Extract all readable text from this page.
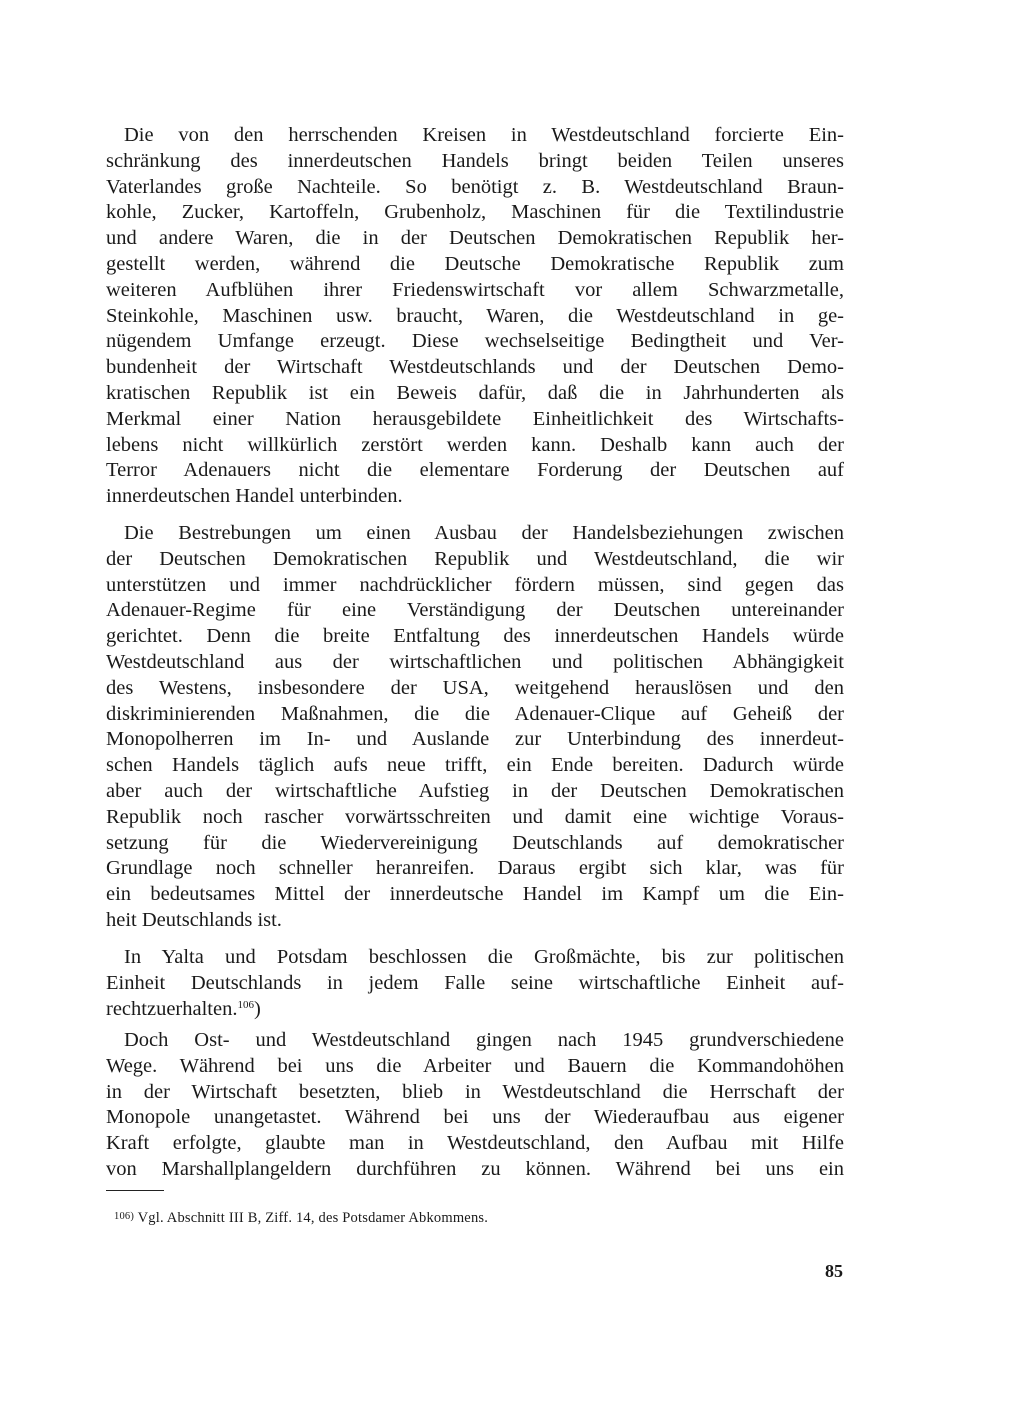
Die von den herrschenden Kreisen in Westdeutschland forcierte Ein-
schränkung des innerdeutschen Handels bringt beiden Teilen unseres
Vaterlandes große Nachteile. So benötigt z. B. Westdeutschland Braun-
kohle, Zucker, Kartoffeln, Grubenholz, Maschinen für die Textilindustrie
und andere Waren, die in der Deutschen Demokratischen Republik her-
gestellt werden, während die Deutsche Demokratische Republik zum
weiteren Aufblühen ihrer Friedenswirtschaft vor allem Schwarzmetalle,
Steinkohle, Maschinen usw. braucht, Waren, die Westdeutschland in ge-
nügendem Umfange erzeugt. Diese wechselseitige Bedingtheit und Ver-
bundenheit der Wirtschaft Westdeutschlands und der Deutschen Demo-
kratischen Republik ist ein Beweis dafür, daß die in Jahrhunderten als
Merkmal einer Nation herausgebildete Einheitlichkeit des Wirtschafts-
lebens nicht willkürlich zerstört werden kann. Deshalb kann auch der
Terror Adenauers nicht die elementare Forderung der Deutschen auf
innerdeutschen Handel unterbinden.
Die Bestrebungen um einen Ausbau der Handelsbeziehungen zwischen
der Deutschen Demokratischen Republik und Westdeutschland, die wir
unterstützen und immer nachdrücklicher fördern müssen, sind gegen das
Adenauer-Regime für eine Verständigung der Deutschen untereinander
gerichtet. Denn die breite Entfaltung des innerdeutschen Handels würde
Westdeutschland aus der wirtschaftlichen und politischen Abhängigkeit
des Westens, insbesondere der USA, weitgehend herauslösen und den
diskriminierenden Maßnahmen, die die Adenauer-Clique auf Geheiß der
Monopolherren im In- und Auslande zur Unterbindung des innerdeut-
schen Handels täglich aufs neue trifft, ein Ende bereiten. Dadurch würde
aber auch der wirtschaftliche Aufstieg in der Deutschen Demokratischen
Republik noch rascher vorwärtsschreiten und damit eine wichtige Voraus-
setzung für die Wiedervereinigung Deutschlands auf demokratischer
Grundlage noch schneller heranreifen. Daraus ergibt sich klar, was für
ein bedeutsames Mittel der innerdeutsche Handel im Kampf um die Ein-
heit Deutschlands ist.
In Yalta und Potsdam beschlossen die Großmächte, bis zur politischen
Einheit Deutschlands in jedem Falle seine wirtschaftliche Einheit auf-
rechtzuerhalten.$^{106}$)
Doch Ost- und Westdeutschland gingen nach 1945 grundverschiedene
Wege. Während bei uns die Arbeiter und Bauern die Kommandohöhen
in der Wirtschaft besetzten, blieb in Westdeutschland die Herrschaft der
Monopole unangetastet. Während bei uns der Wiederaufbau aus eigener
Kraft erfolgte, glaubte man in Westdeutschland, den Aufbau mit Hilfe
von Marshallplangeldern durchführen zu können. Während bei uns ein
$^{106)}$ Vgl. Abschnitt III B, Ziff. 14, des Potsdamer Abkommens.
85
